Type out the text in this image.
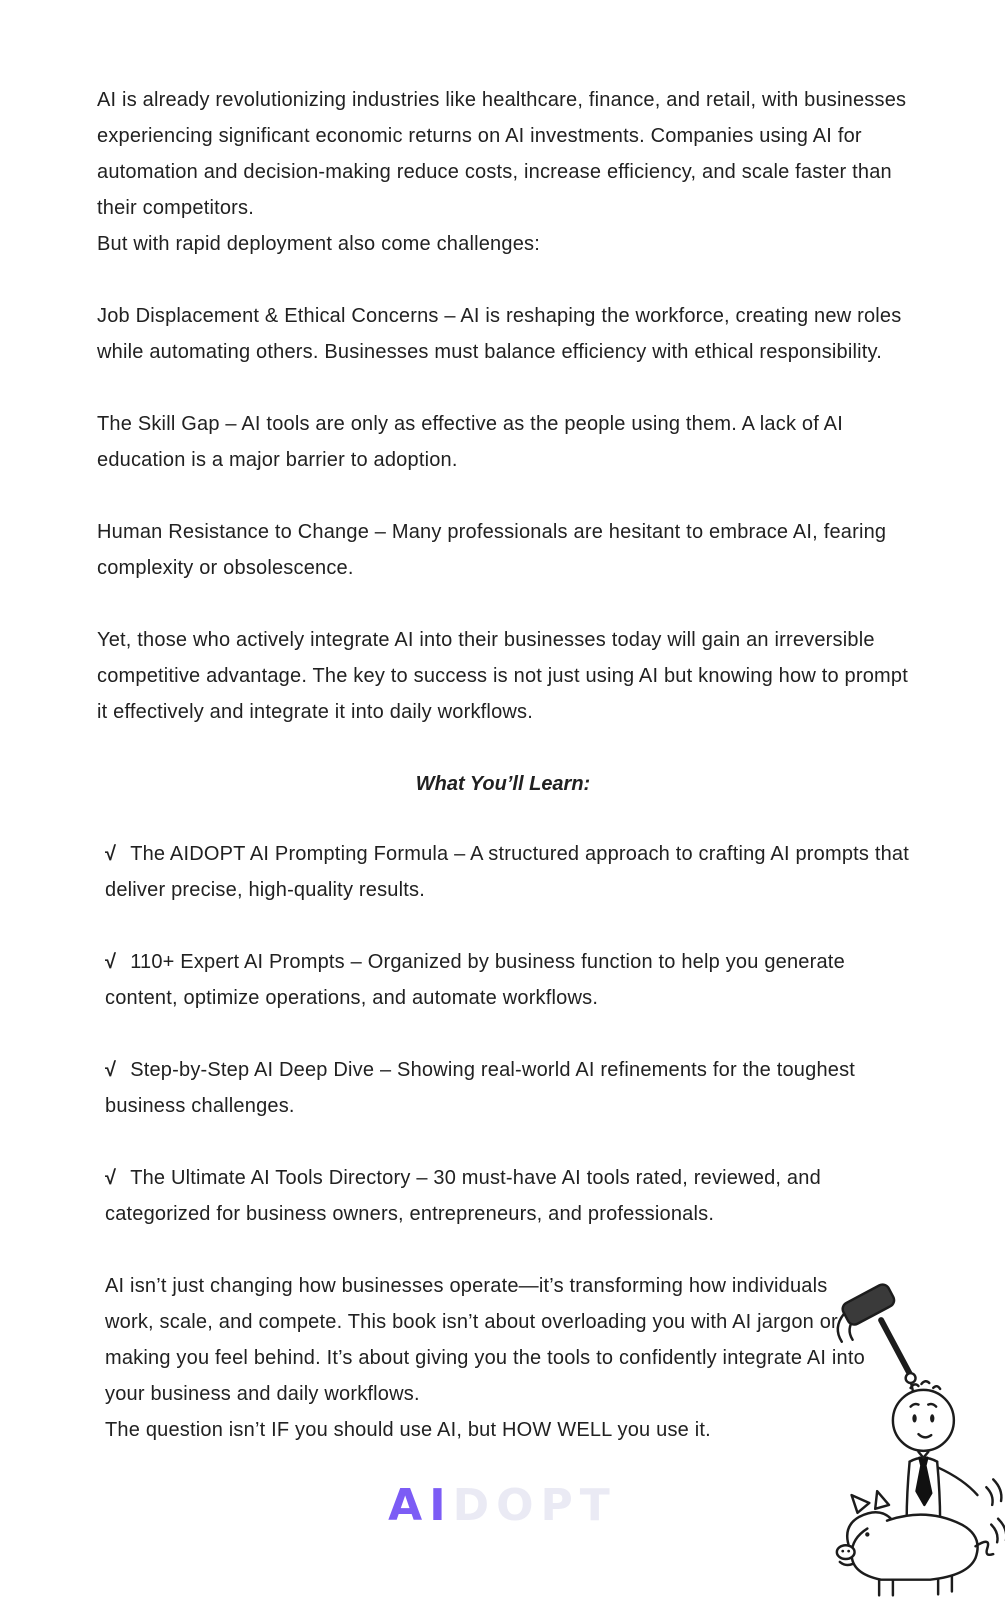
AI is already revolutionizing industries like healthcare, finance, and retail, with businesses experiencing significant economic returns on AI investments. Companies using AI for automation and decision-making reduce costs, increase efficiency, and scale faster than their competitors.
But with rapid deployment also come challenges:

Job Displacement & Ethical Concerns – AI is reshaping the workforce, creating new roles while automating others. Businesses must balance efficiency with ethical responsibility.

The Skill Gap – AI tools are only as effective as the people using them. A lack of AI education is a major barrier to adoption.

Human Resistance to Change – Many professionals are hesitant to embrace AI, fearing complexity or obsolescence.

Yet, those who actively integrate AI into their businesses today will gain an irreversible competitive advantage. The key to success is not just using AI but knowing how to prompt it effectively and integrate it into daily workflows.

What You’ll Learn:

√ The AIDOPT AI Prompting Formula – A structured approach to crafting AI prompts that deliver precise, high-quality results.

√ 110+ Expert AI Prompts – Organized by business function to help you generate content, optimize operations, and automate workflows.

√ Step-by-Step AI Deep Dive – Showing real-world AI refinements for the toughest business challenges.

√ The Ultimate AI Tools Directory – 30 must-have AI tools rated, reviewed, and categorized for business owners, entrepreneurs, and professionals.

AI isn’t just changing how businesses operate—it’s transforming how individuals work, scale, and compete. This book isn’t about overloading you with AI jargon or making you feel behind. It’s about giving you the tools to confidently integrate AI into your business and daily workflows.
The question isn’t IF you should use AI, but HOW WELL you use it.

AIDOPT
